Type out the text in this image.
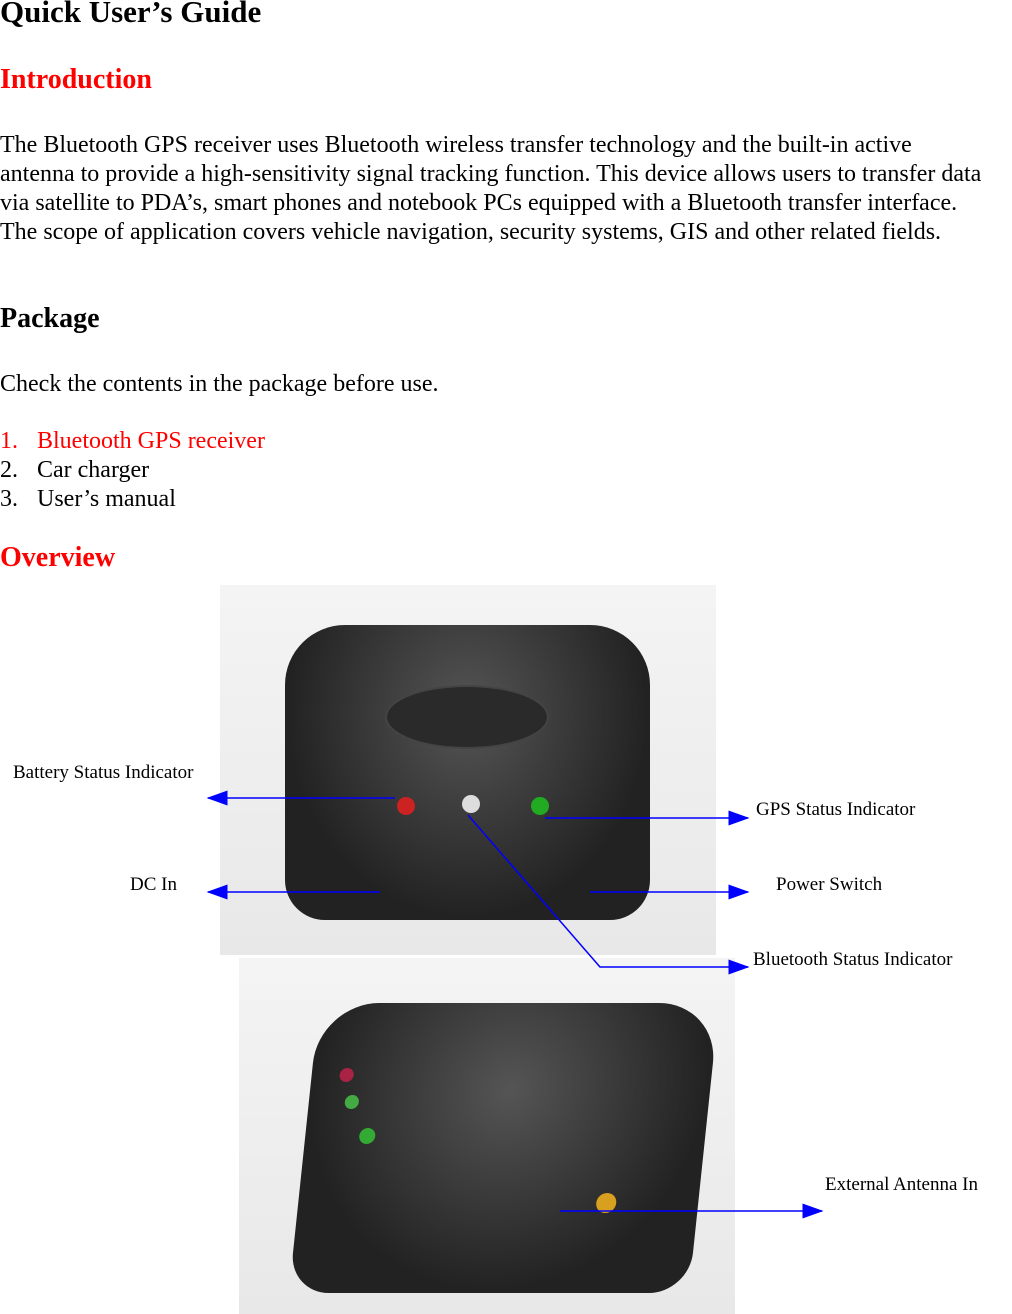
Quick User’s Guide
Introduction
The Bluetooth GPS receiver uses Bluetooth wireless transfer technology and the built-in active
antenna to provide a high-sensitivity signal tracking function. This device allows users to transfer data
via satellite to PDA’s, smart phones and notebook PCs equipped with a Bluetooth transfer interface.
The scope of application covers vehicle navigation, security systems, GIS and other related fields.
Package
Check the contents in the package before use.
1. Bluetooth GPS receiver
2. Car charger
3. User’s manual
Overview
Battery Status Indicator
GPS Status Indicator
DC In	Power Switch
Bluetooth Status Indicator
External Antenna In
